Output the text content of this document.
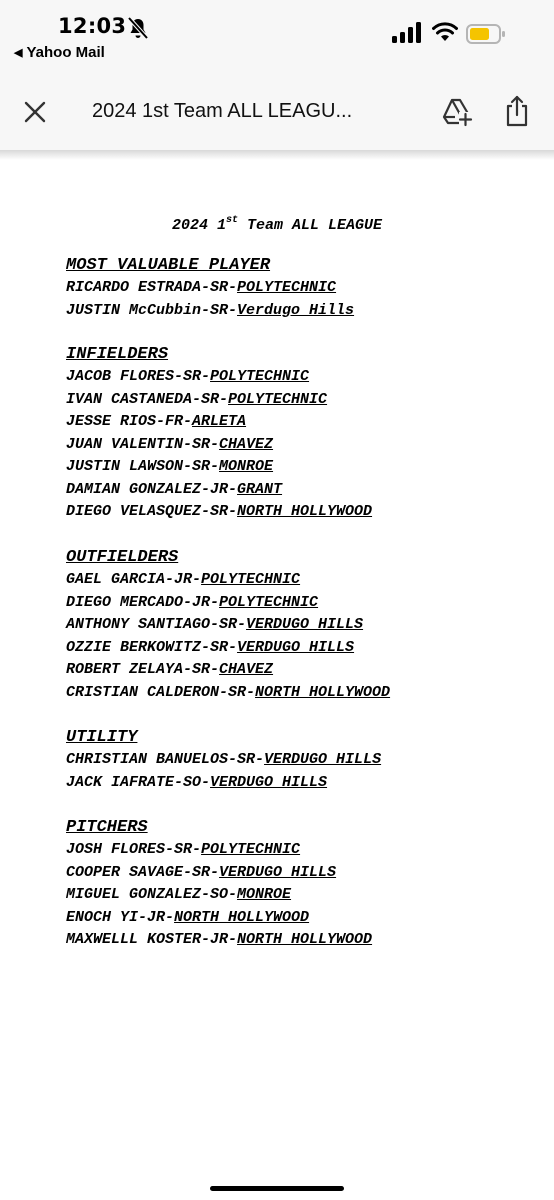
12:03
◀ Yahoo Mail
2024 1st Team ALL LEAGU...
2024 1st Team ALL LEAGUE
MOST VALUABLE PLAYER
RICARDO ESTRADA-SR-POLYTECHNIC
JUSTIN McCubbin-SR-Verdugo Hills
INFIELDERS
JACOB FLORES-SR-POLYTECHNIC
IVAN CASTANEDA-SR-POLYTECHNIC
JESSE RIOS-FR-ARLETA
JUAN VALENTIN-SR-CHAVEZ
JUSTIN LAWSON-SR-MONROE
DAMIAN GONZALEZ-JR-GRANT
DIEGO VELASQUEZ-SR-NORTH HOLLYWOOD
OUTFIELDERS
GAEL GARCIA-JR-POLYTECHNIC
DIEGO MERCADO-JR-POLYTECHNIC
ANTHONY SANTIAGO-SR-VERDUGO HILLS
OZZIE BERKOWITZ-SR-VERDUGO HILLS
ROBERT ZELAYA-SR-CHAVEZ
CRISTIAN CALDERON-SR-NORTH HOLLYWOOD
UTILITY
CHRISTIAN BANUELOS-SR-VERDUGO HILLS
JACK IAFRATE-SO-VERDUGO HILLS
PITCHERS
JOSH FLORES-SR-POLYTECHNIC
COOPER SAVAGE-SR-VERDUGO HILLS
MIGUEL GONZALEZ-SO-MONROE
ENOCH YI-JR-NORTH HOLLYWOOD
MAXWELLL KOSTER-JR-NORTH HOLLYWOOD
